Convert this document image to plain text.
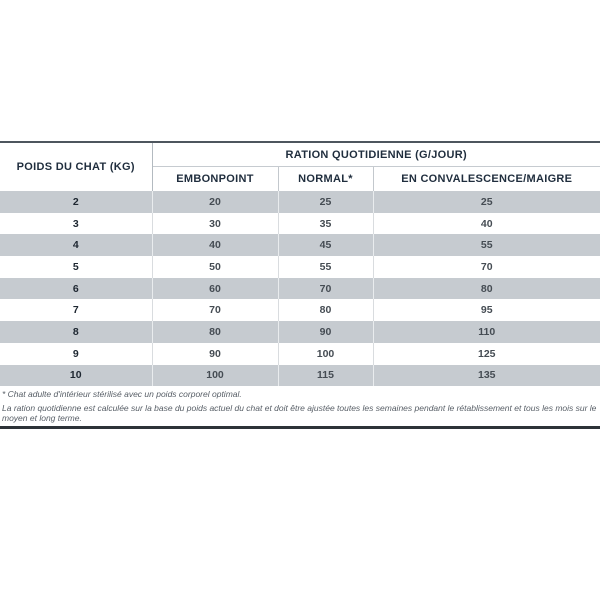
POIDS DU CHAT (KG)	RATION QUOTIDIENNE (G/JOUR)		
	EMBONPOINT	NORMAL*	EN CONVALESCENCE/MAIGRE
2	20	25	25
3	30	35	40
4	40	45	55
5	50	55	70
6	60	70	80
7	70	80	95
8	80	90	110
9	90	100	125
10	100	115	135

* Chat adulte d'intérieur stérilisé avec un poids corporel optimal.

La ration quotidienne est calculée sur la base du poids actuel du chat et doit être ajustée toutes les semaines pendant le rétablissement et tous les mois sur le moyen et long terme.
